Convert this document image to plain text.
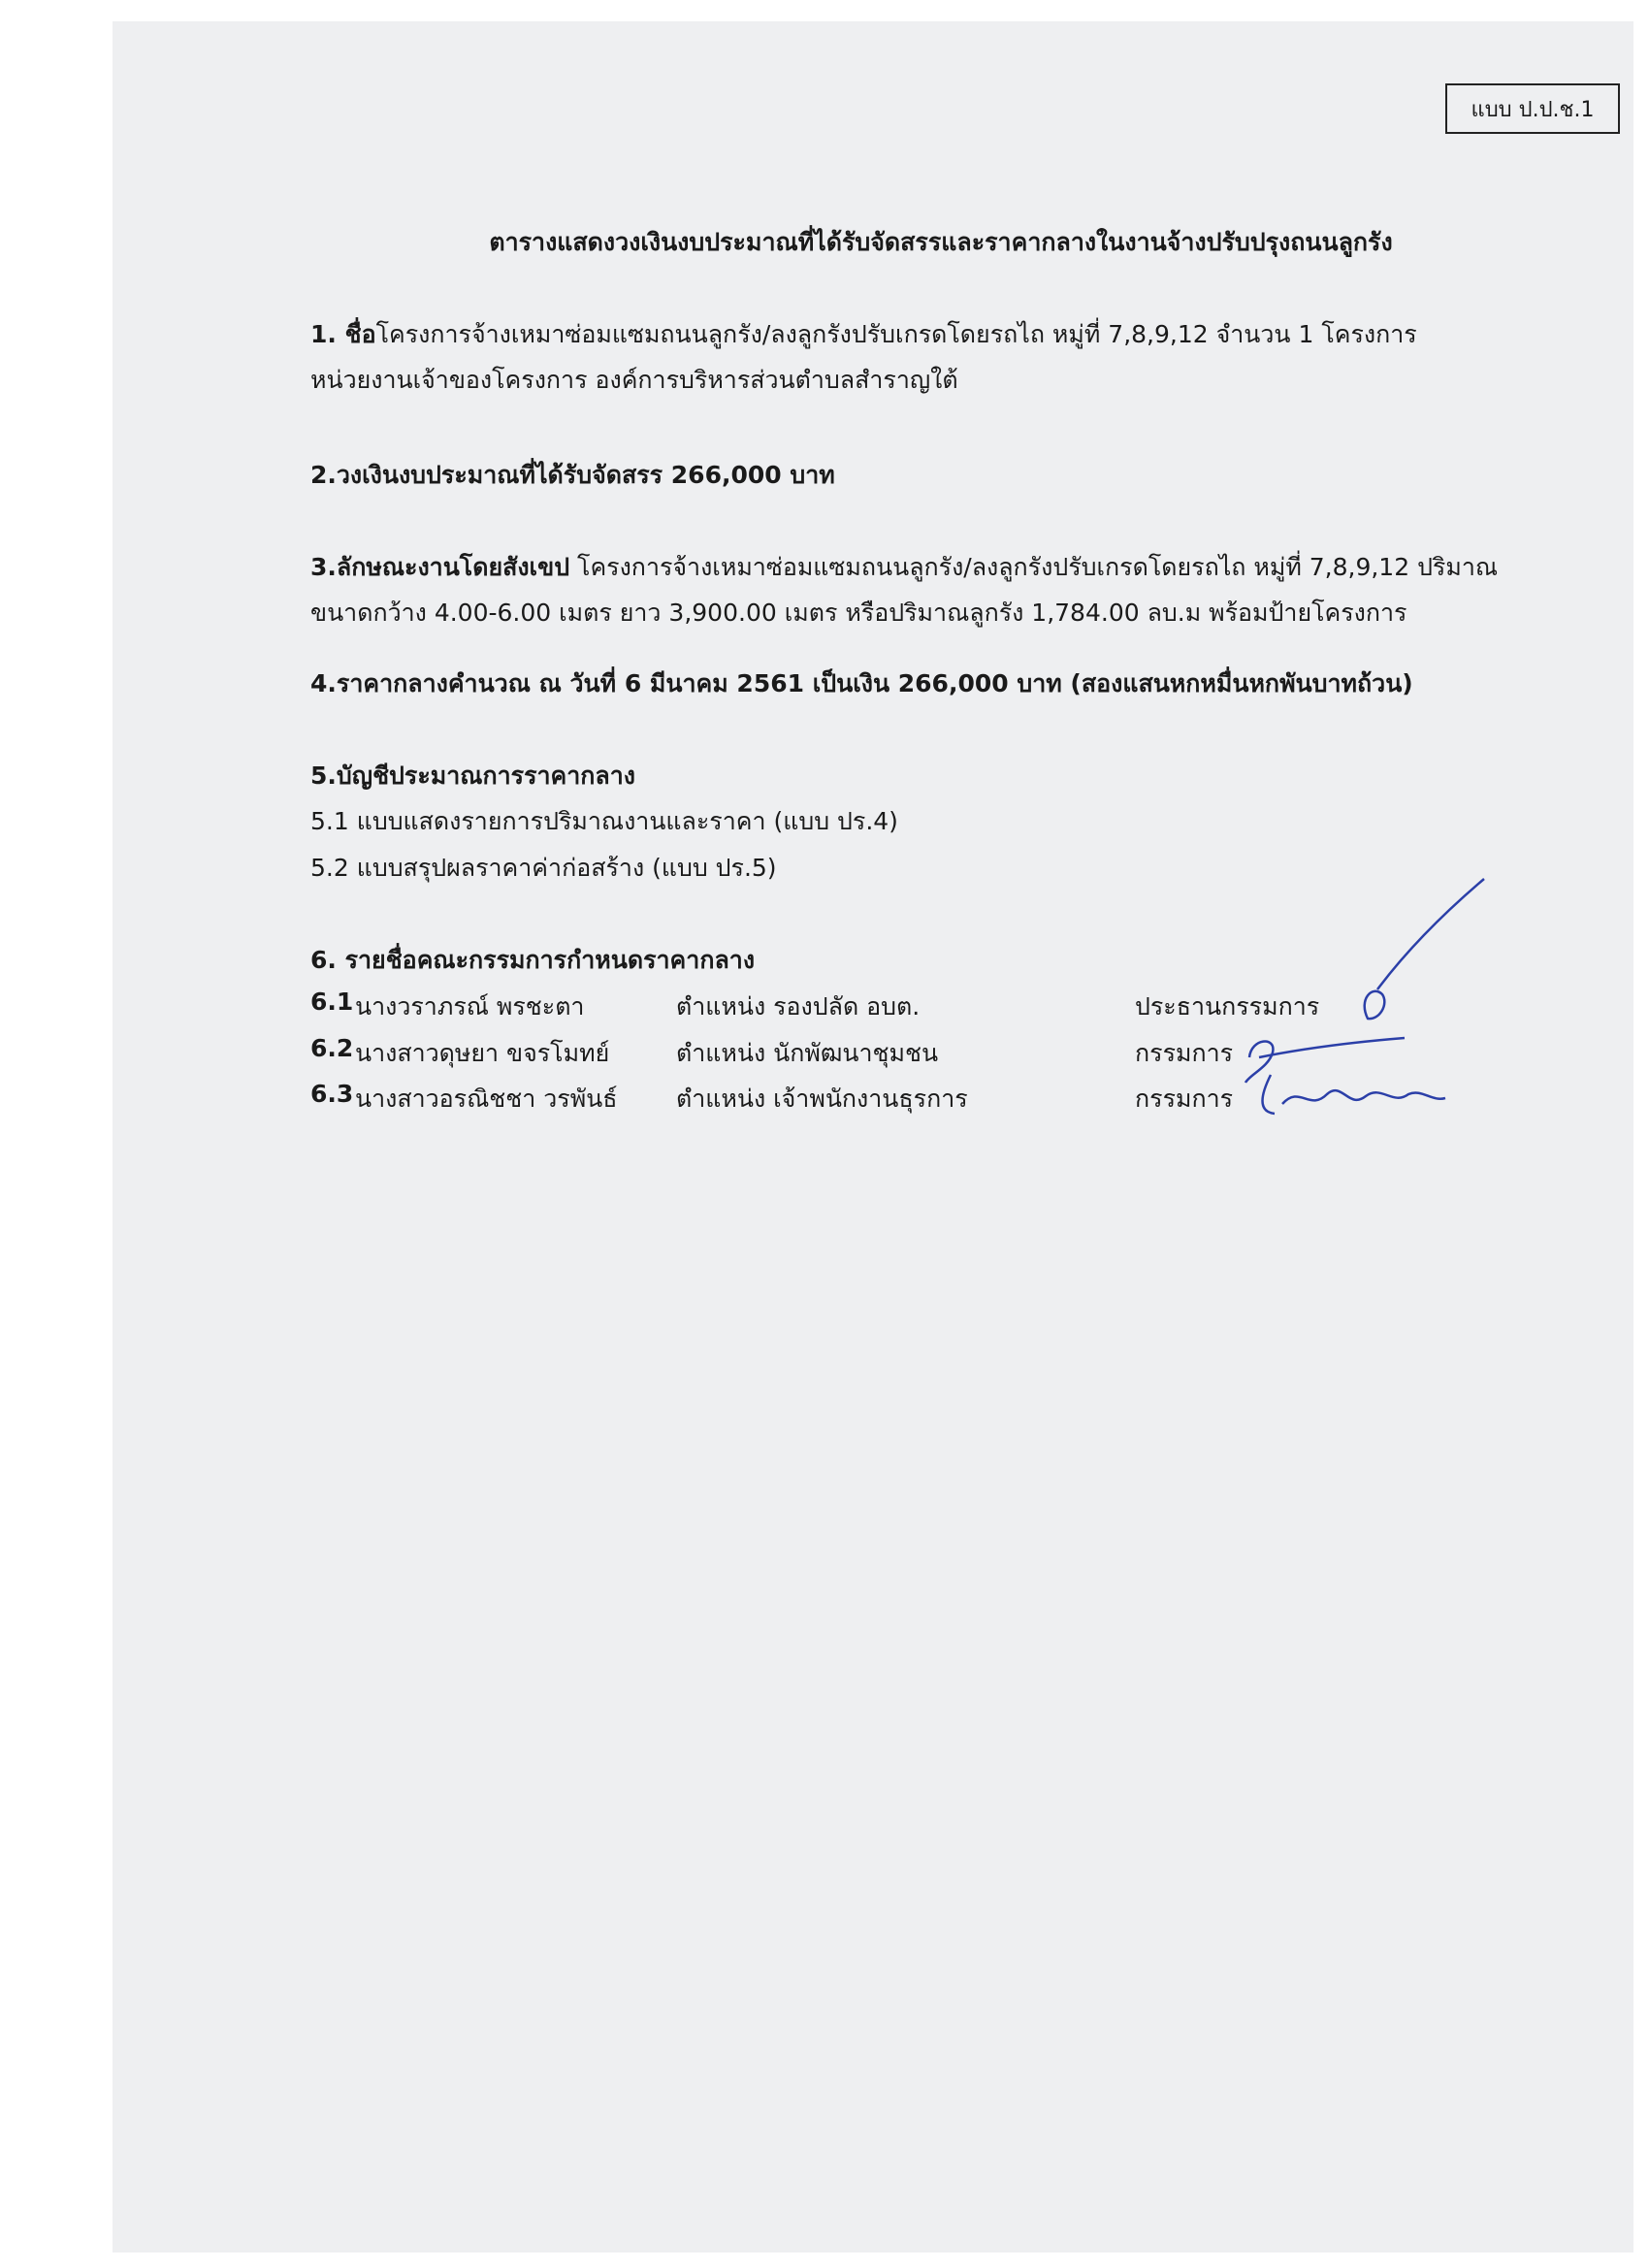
แบบ ป.ป.ช.1
ตารางแสดงวงเงินงบประมาณที่ได้รับจัดสรรและราคากลางในงานจ้างปรับปรุงถนนลูกรัง
1. ชื่อโครงการจ้างเหมาซ่อมแซมถนนลูกรัง/ลงลูกรังปรับเกรดโดยรถไถ หมู่ที่ 7,8,9,12 จำนวน 1 โครงการ
หน่วยงานเจ้าของโครงการ องค์การบริหารส่วนตำบลสำราญใต้
2.วงเงินงบประมาณที่ได้รับจัดสรร 266,000 บาท
3.ลักษณะงานโดยสังเขป โครงการจ้างเหมาซ่อมแซมถนนลูกรัง/ลงลูกรังปรับเกรดโดยรถไถ หมู่ที่ 7,8,9,12 ปริมาณ
ขนาดกว้าง 4.00-6.00 เมตร ยาว 3,900.00 เมตร หรือปริมาณลูกรัง 1,784.00 ลบ.ม พร้อมป้ายโครงการ
4.ราคากลางคำนวณ ณ วันที่ 6 มีนาคม 2561 เป็นเงิน 266,000 บาท (สองแสนหกหมื่นหกพันบาทถ้วน)
5.บัญชีประมาณการราคากลาง
5.1 แบบแสดงรายการปริมาณงานและราคา (แบบ ปร.4)
5.2 แบบสรุปผลราคาค่าก่อสร้าง (แบบ ปร.5)
6. รายชื่อคณะกรรมการกำหนดราคากลาง
6.1 นางวราภรณ์ พรชะตา	ตำแหน่ง รองปลัด อบต.	ประธานกรรมการ
6.2 นางสาวดุษยา ขจรโมทย์	ตำแหน่ง นักพัฒนาชุมชน	กรรมการ
6.3 นางสาวอรณิชชา วรพันธ์ ตำแหน่ง เจ้าพนักงานธุรการ	กรรมการ
